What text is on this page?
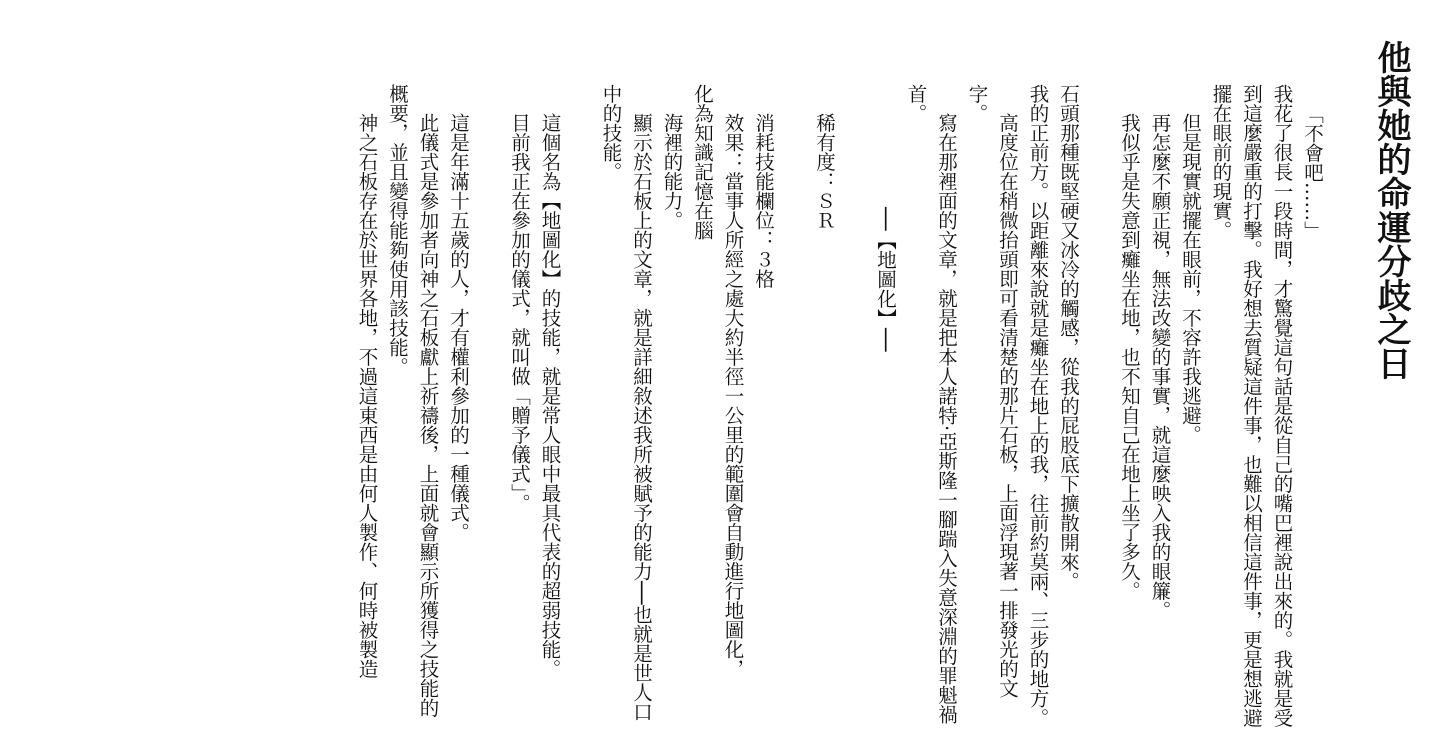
他與她的命運分歧之日

「不會吧……」

我花了很長一段時間，才驚覺這句話是從自己的嘴巴裡說出來的。我就是受到這麼嚴重的打擊。我好想去質疑這件事，也難以相信這件事，更是想逃避擺在眼前的現實。

但是現實就擺在眼前，不容許我逃避。

再怎麼不願正視，無法改變的事實，就這麼映入我的眼簾。

我似乎是失意到癱坐在地，也不知自己在地上坐了多久。

石頭那種既堅硬又冰冷的觸感，從我的屁股底下擴散開來。

我的正前方。以距離來說就是癱坐在地上的我，往前約莫兩、三步的地方。

高度位在稍微抬頭即可看清楚的那片石板，上面浮現著一排發光的文字。

寫在那裡面的文章，就是把本人諾特‧亞斯隆一腳踹入失意深淵的罪魁禍首。

──【地圖化】──

稀有度：ＳＲ

消耗技能欄位：３格

效果：當事人所經之處大約半徑一公里的範圍會自動進行地圖化，

化為知識記憶在腦

海裡的能力。

顯示於石板上的文章，就是詳細敘述我所被賦予的能力──也就是世人口中的技能。

這個名為【地圖化】的技能，就是常人眼中最具代表的超弱技能。

目前我正在參加的儀式，就叫做「贈予儀式」。

這是年滿十五歲的人，才有權利參加的一種儀式。

此儀式是參加者向神之石板獻上祈禱後，上面就會顯示所獲得之技能的概要，並且變得能夠使用該技能。

神之石板存在於世界各地，不過這東西是由何人製作、何時被製造
